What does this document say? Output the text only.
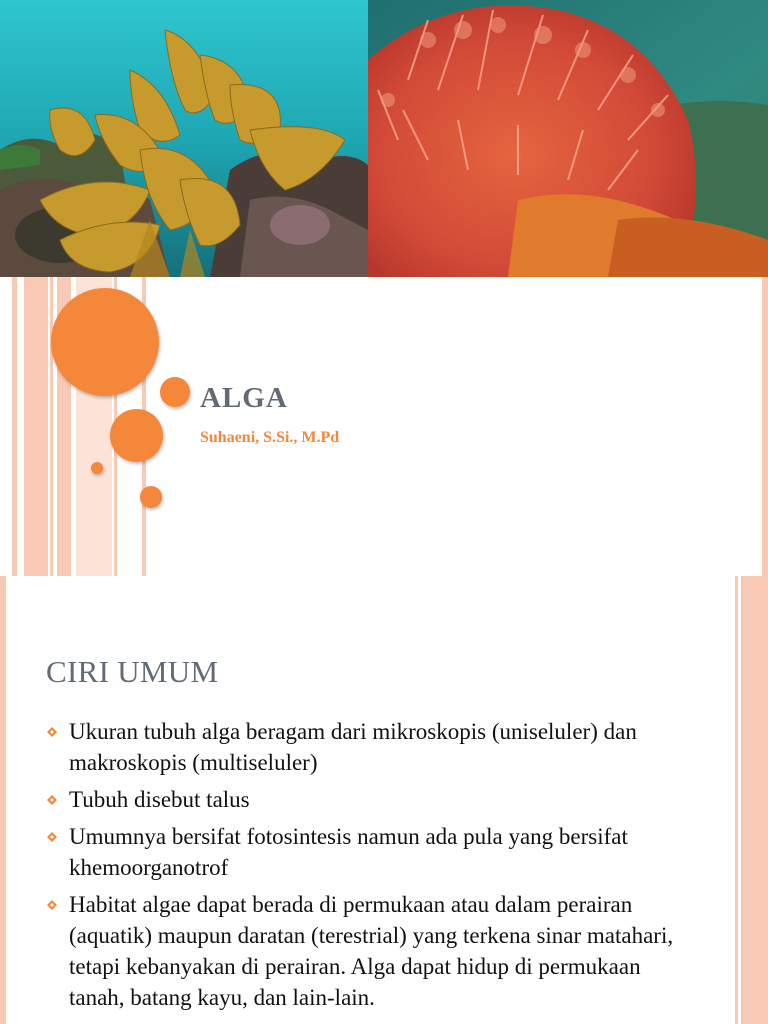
ALGA

Suhaeni, S.Si., M.Pd

CIRI UMUM
Ukuran tubuh alga beragam dari mikroskopis (uniseluler) dan makroskopis (multiseluler)
Tubuh disebut talus
Umumnya bersifat fotosintesis namun ada pula yang bersifat khemoorganotrof
Habitat algae dapat berada di permukaan atau dalam perairan (aquatik) maupun daratan (terestrial) yang terkena sinar matahari, tetapi kebanyakan di perairan. Alga dapat hidup di permukaan tanah, batang kayu, dan lain-lain.
